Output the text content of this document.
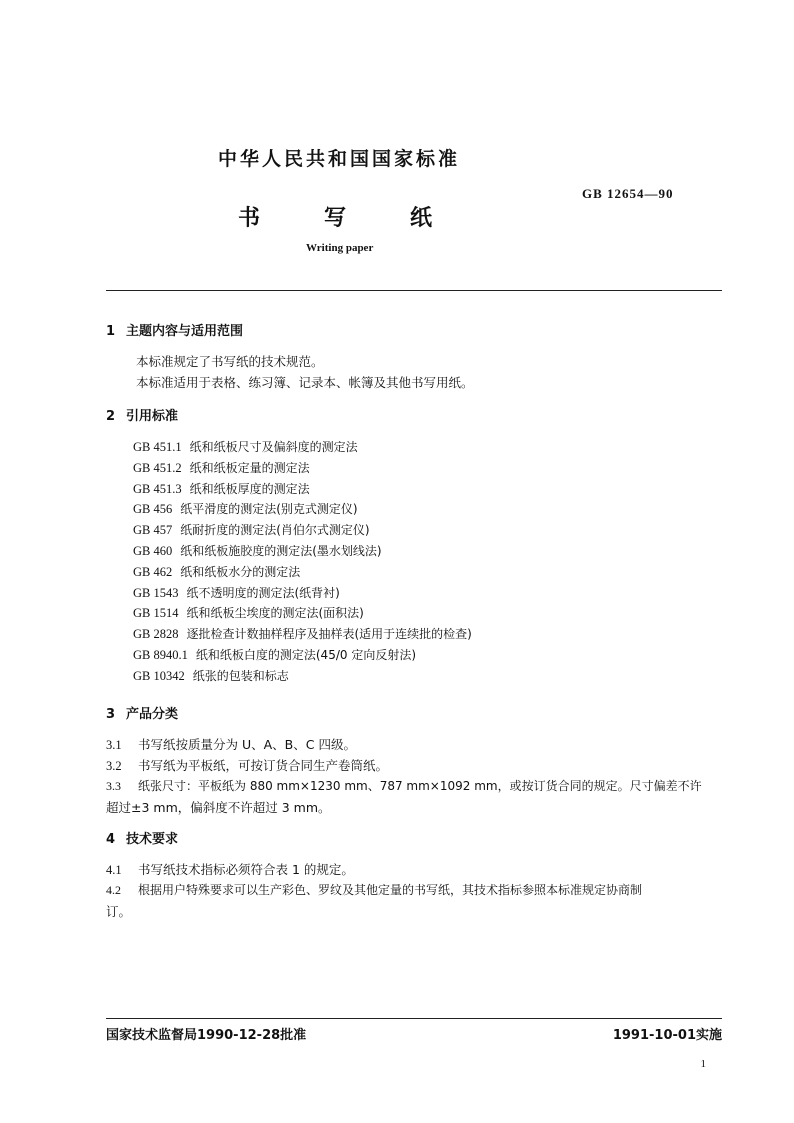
中华人民共和国国家标准
GB 12654—90
书	写	纸
Writing paper
1 主题内容与适用范围
本标准规定了书写纸的技术规范。
本标准适用于表格、练习簿、记录本、帐簿及其他书写用纸。
2 引用标准
GB 451.1 纸和纸板尺寸及偏斜度的测定法
GB 451.2 纸和纸板定量的测定法
GB 451.3 纸和纸板厚度的测定法
GB 456 纸平滑度的测定法(别克式测定仪)
GB 457 纸耐折度的测定法(肖伯尔式测定仪)
GB 460 纸和纸板施胶度的测定法(墨水划线法)
GB 462 纸和纸板水分的测定法
GB 1543 纸不透明度的测定法(纸背衬)
GB 1514 纸和纸板尘埃度的测定法(面积法)
GB 2828 逐批检查计数抽样程序及抽样表(适用于连续批的检查)
GB 8940.1 纸和纸板白度的测定法(45/0 定向反射法)
GB 10342 纸张的包装和标志
3 产品分类
3.1 书写纸按质量分为 U、A、B、C 四级。
3.2 书写纸为平板纸，可按订货合同生产卷筒纸。
3.3 纸张尺寸：平板纸为 880 mm×1230 mm、787 mm×1092 mm，或按订货合同的规定。尺寸偏差不许
超过±3 mm，偏斜度不许超过 3 mm。
4 技术要求
4.1 书写纸技术指标必须符合表 1 的规定。
4.2 根据用户特殊要求可以生产彩色、罗纹及其他定量的书写纸，其技术指标参照本标准规定协商制
订。
国家技术监督局1990-12-28批准	1991-10-01实施
1
